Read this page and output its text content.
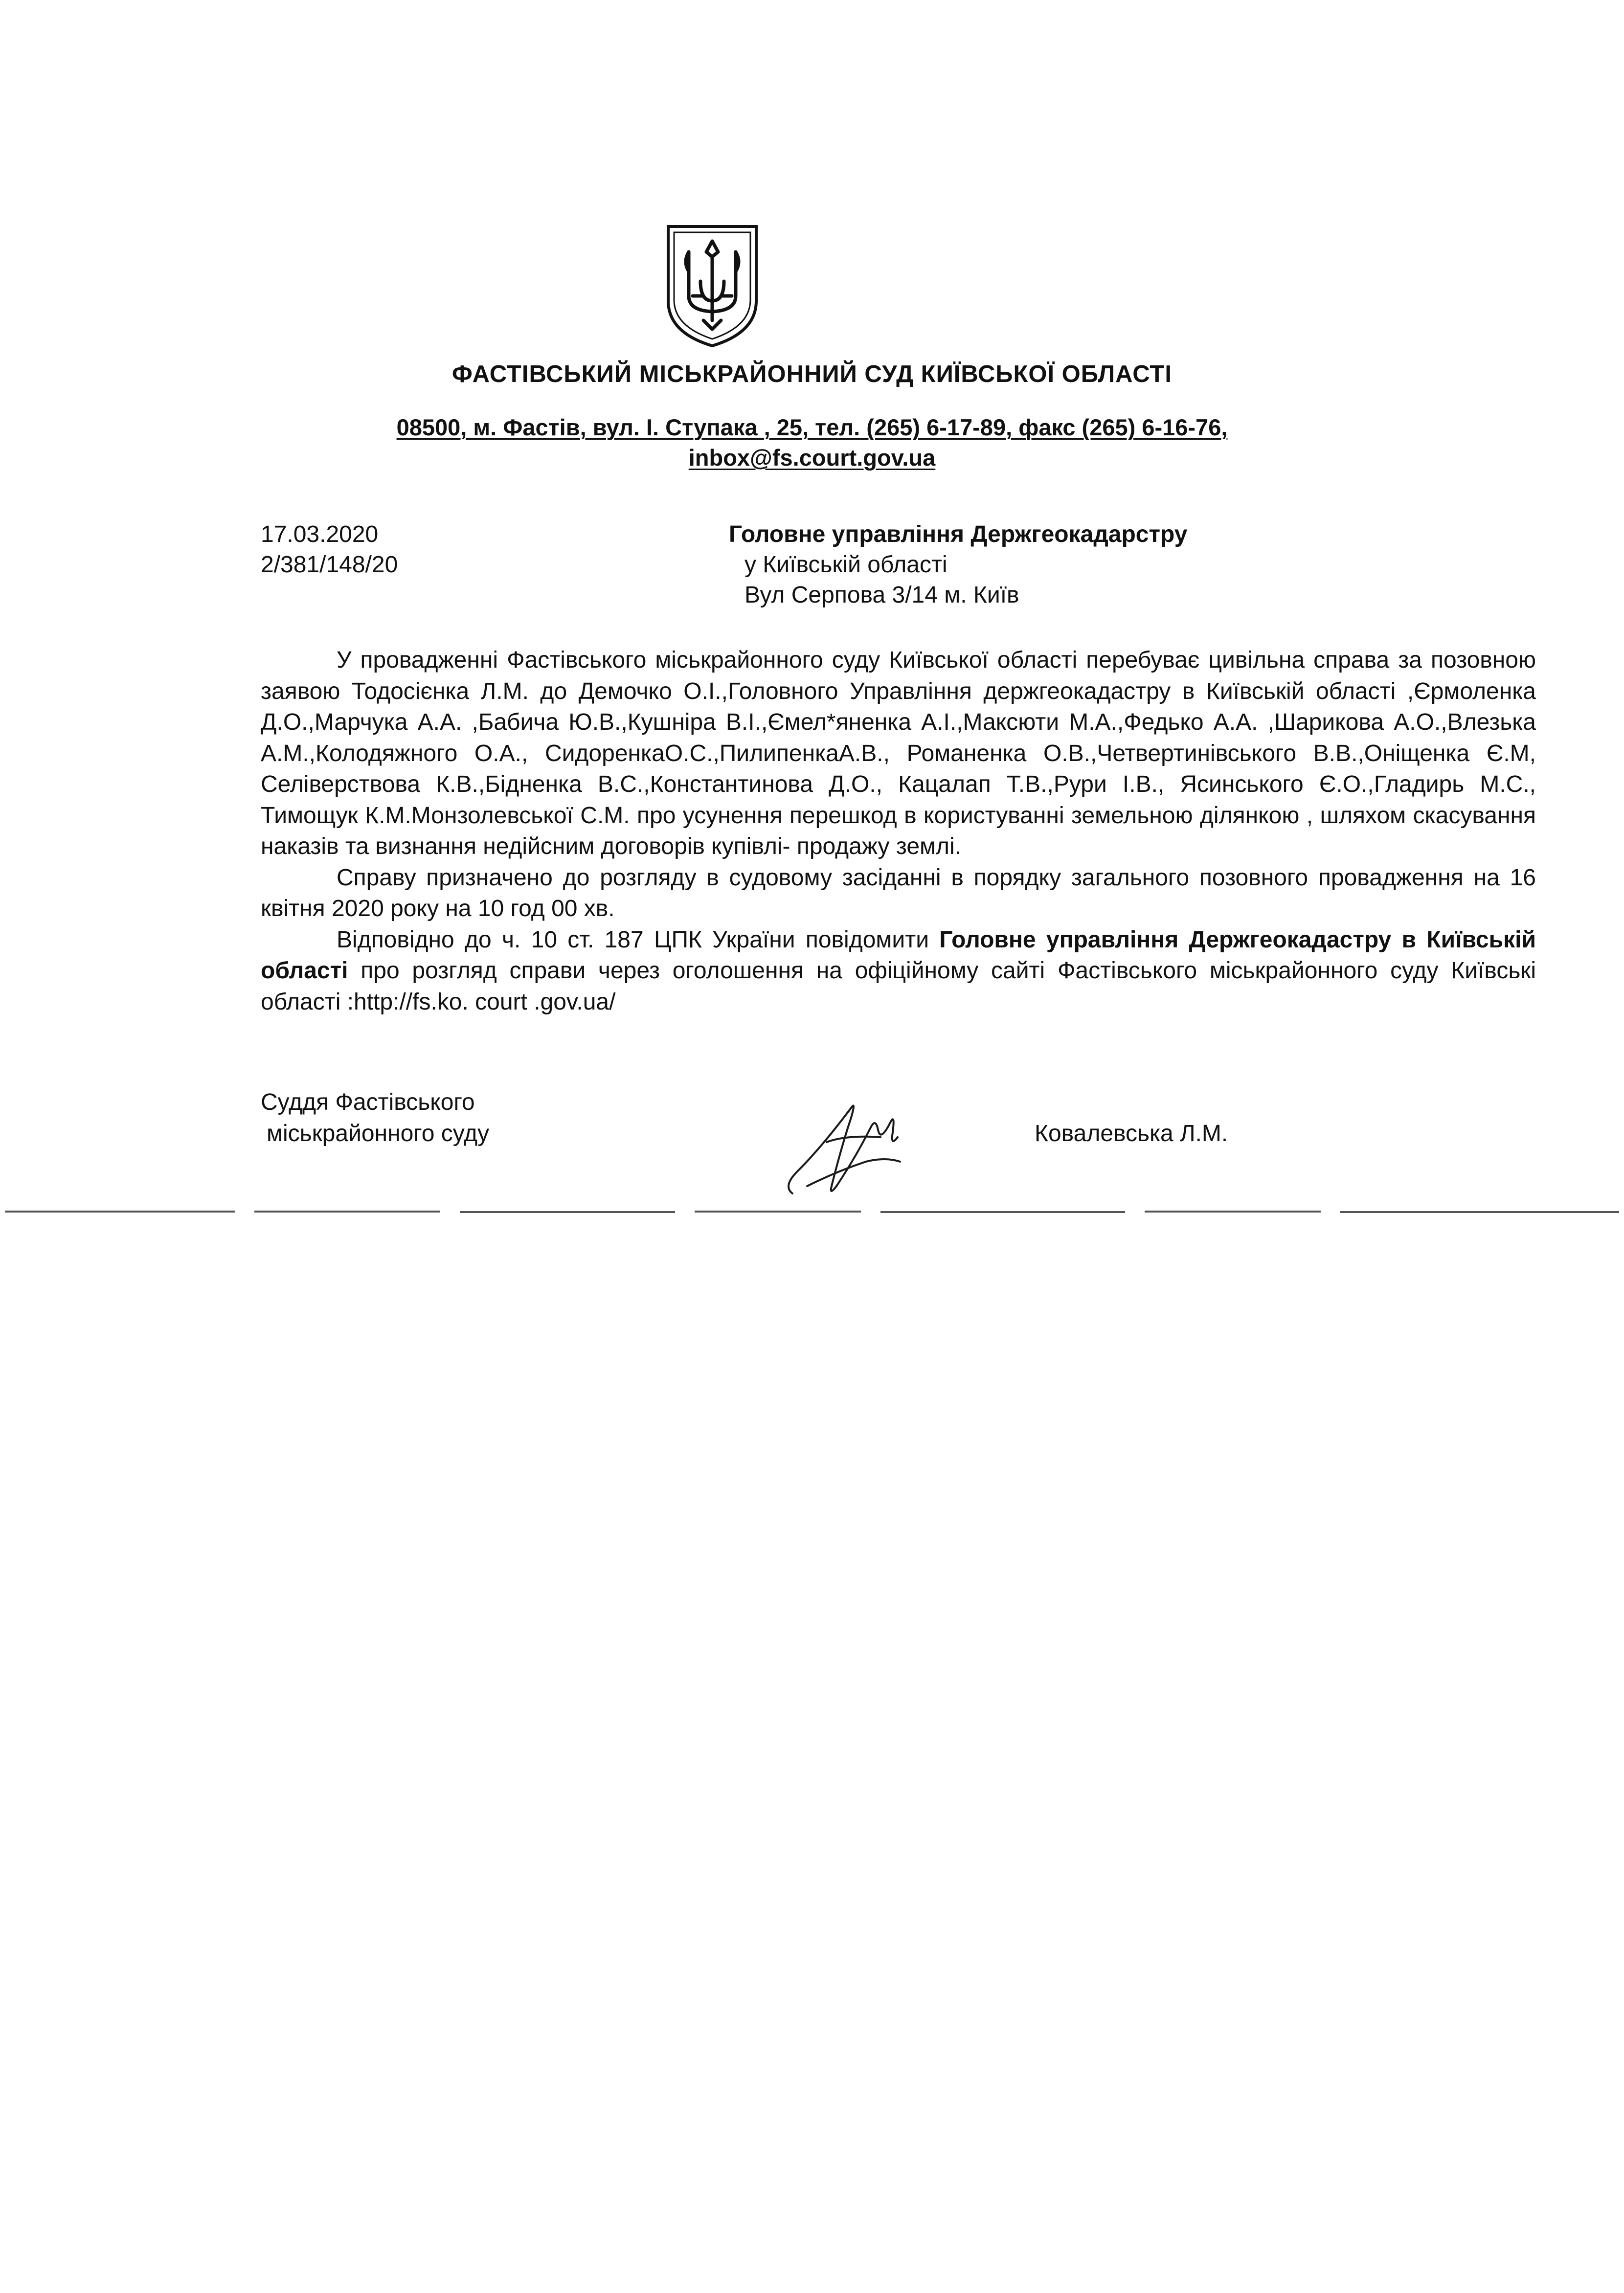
ФАСТІВСЬКИЙ МІСЬКРАЙОННИЙ СУД КИЇВСЬКОЇ ОБЛАСТІ
08500, м. Фастів, вул. І. Ступака , 25, тел. (265) 6-17-89, факс (265) 6-16-76,
inbox@fs.court.gov.ua
17.03.2020
2/381/148/20
Головне управління Держгеокадарстру
у Київській області
Вул Серпова 3/14 м. Київ

У провадженні Фастівського міськрайонного суду Київської області перебуває цивільна справа за позовною заявою Тодосієнка Л.М. до Демочко О.І.,Головного Управління держгеокадастру в Київській області ,Єрмоленка Д.О.,Марчука А.А. ,Бабича Ю.В.,Кушніра В.І.,Ємел*яненка А.І.,Максюти М.А.,Федько А.А. ,Шарикова А.О.,Влезька А.М.,Колодяжного О.А., СидоренкаО.С.,ПилипенкаА.В., Романенка О.В.,Четвертинівського В.В.,Оніщенка Є.М, Селіверствова К.В.,Бідненка В.С.,Константинова Д.О., Кацалап Т.В.,Рури І.В., Ясинського Є.О.,Гладирь М.С., Тимощук К.М.Монзолевської С.М. про усунення перешкод в користуванні земельною ділянкою , шляхом скасування наказів та визнання недійсним договорів купівлі- продажу землі.

Справу призначено до розгляду в судовому засіданні в порядку загального позовного провадження на 16 квітня 2020 року на 10 год 00 хв.

Відповідно до ч. 10 ст. 187 ЦПК України повідомити Головне управління Держгеокадастру в Київській області про розгляд справи через оголошення на офіційному сайті Фастівського міськрайонного суду Київські області :http://fs.ko. court .gov.ua/

Суддя Фастівського
міськрайонного суду	Ковалевська Л.М.
